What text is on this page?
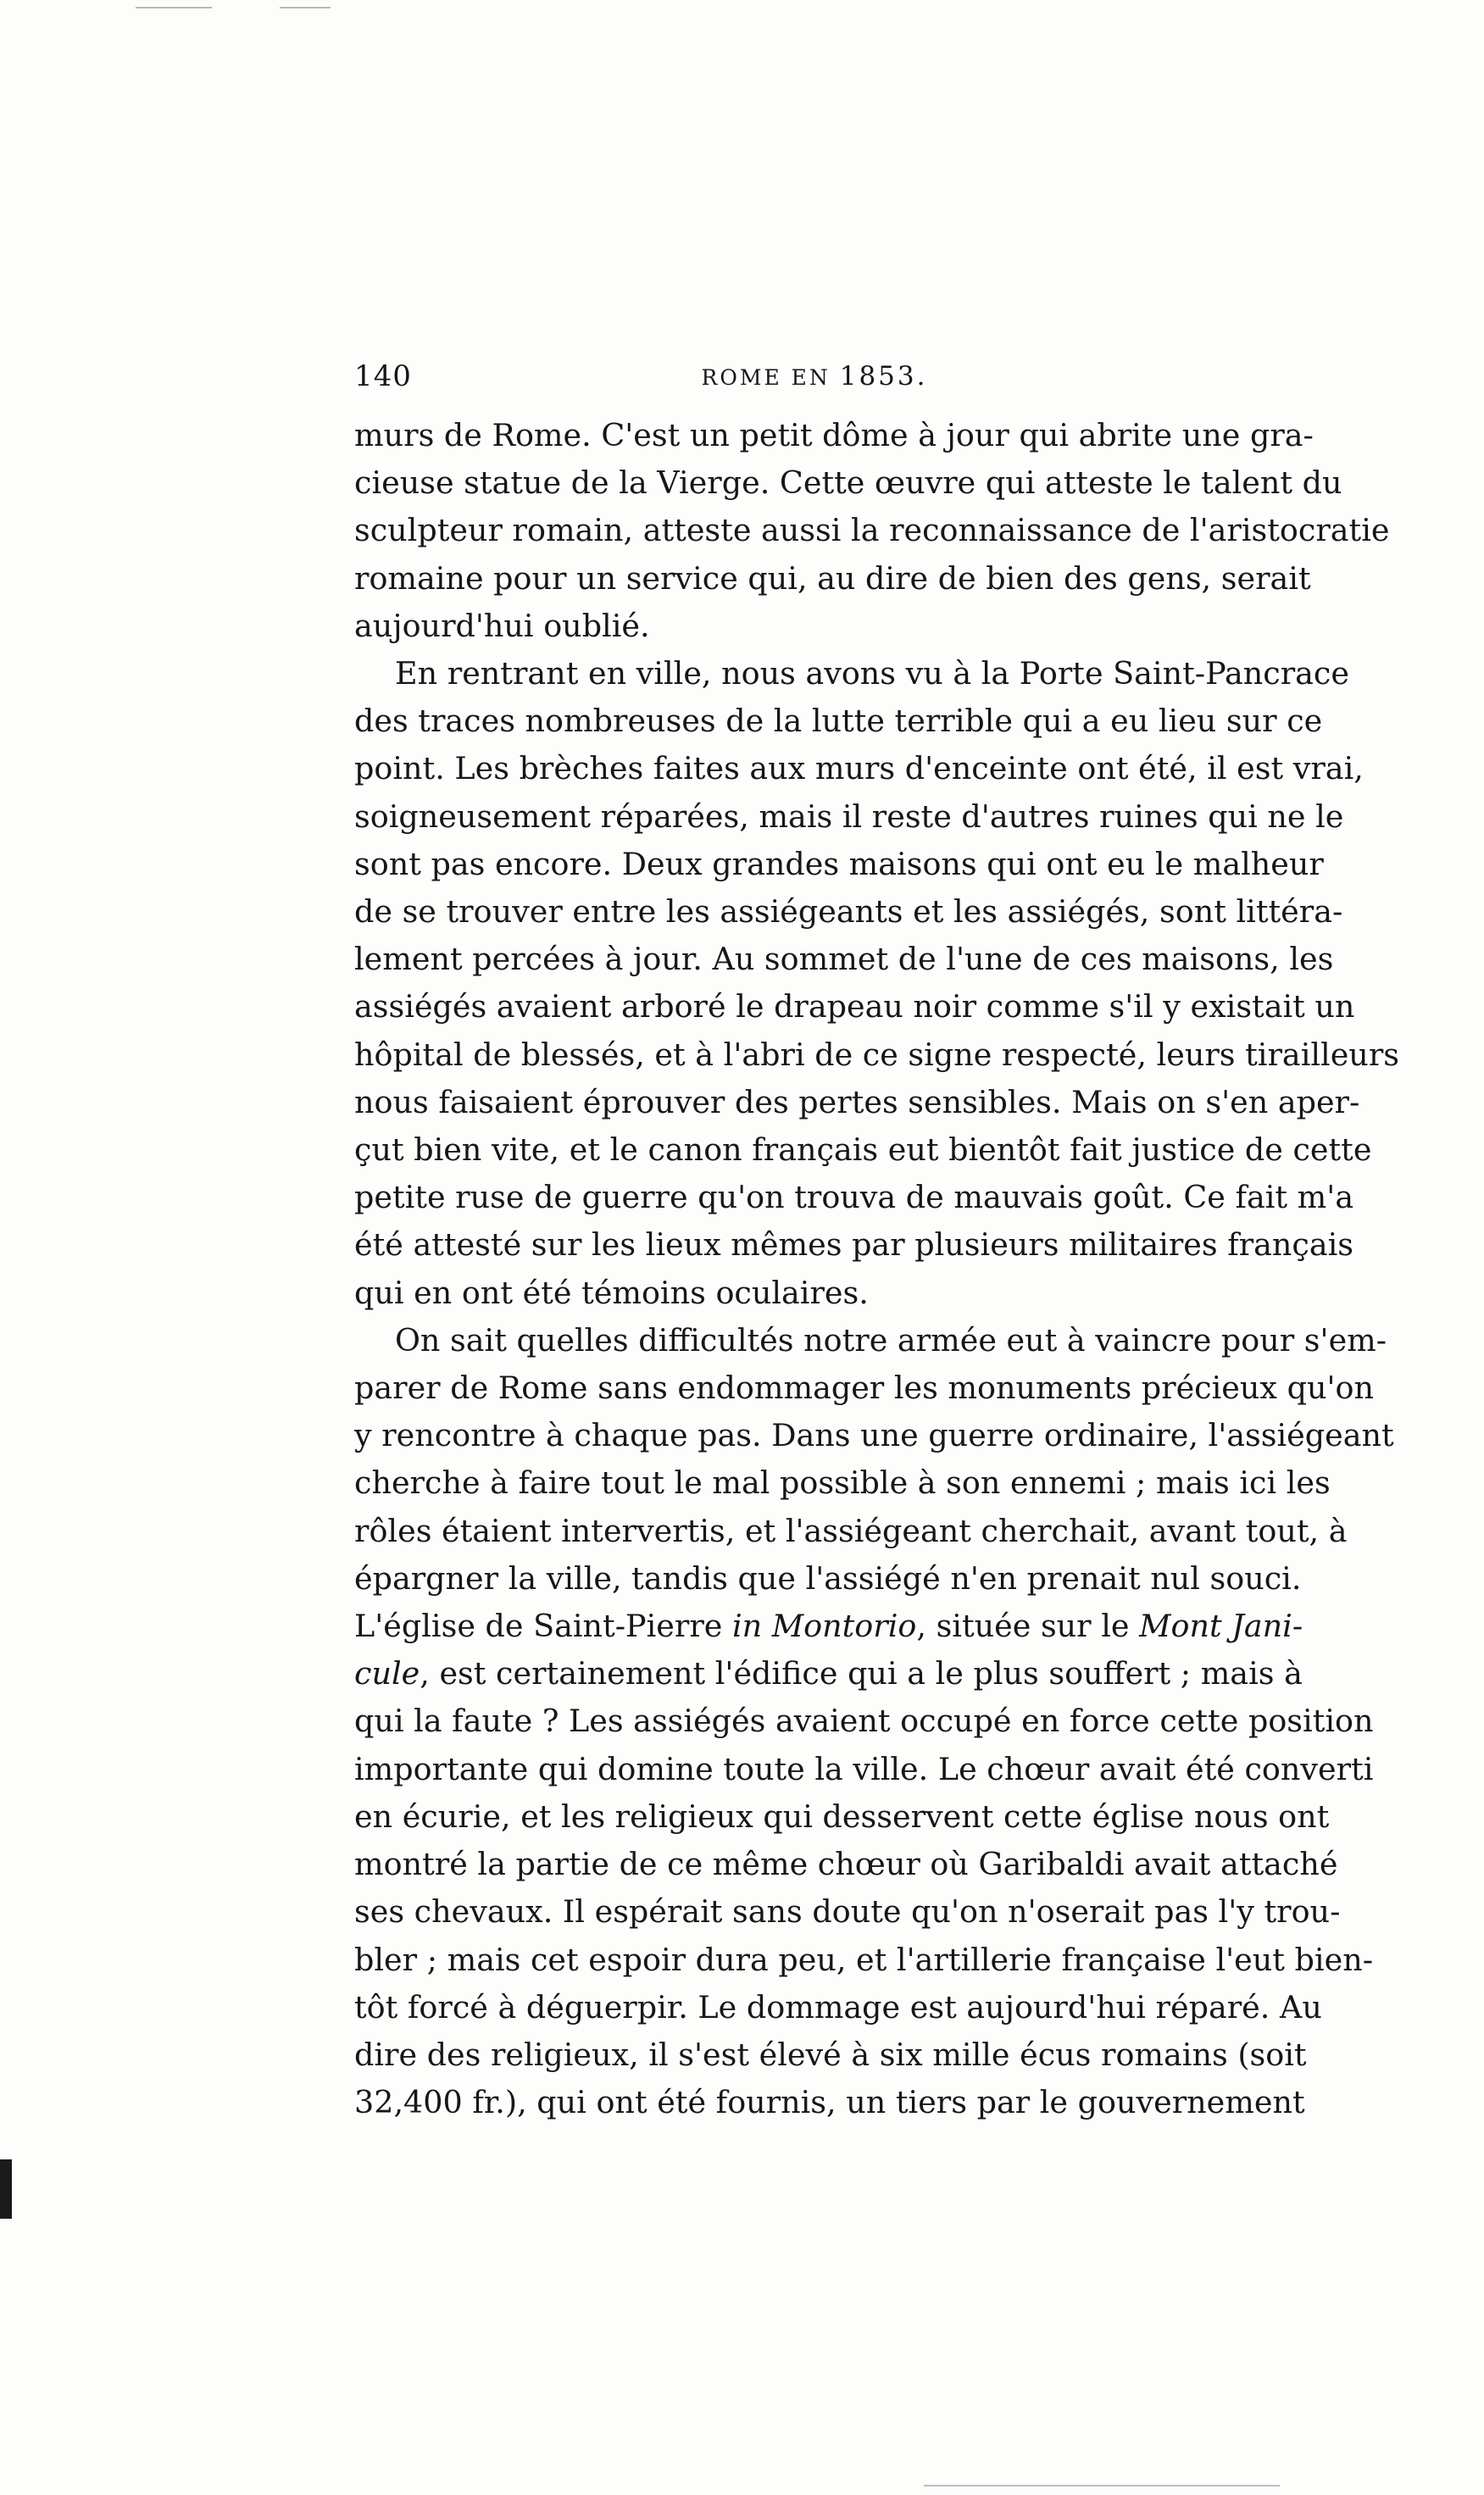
140	ROME EN 1853.

murs de Rome. C'est un petit dôme à jour qui abrite une gra-
cieuse statue de la Vierge. Cette œuvre qui atteste le talent du
sculpteur romain, atteste aussi la reconnaissance de l'aristocratie
romaine pour un service qui, au dire de bien des gens, serait
aujourd'hui oublié.

En rentrant en ville, nous avons vu à la Porte Saint-Pancrace
des traces nombreuses de la lutte terrible qui a eu lieu sur ce
point. Les brèches faites aux murs d'enceinte ont été, il est vrai,
soigneusement réparées, mais il reste d'autres ruines qui ne le
sont pas encore. Deux grandes maisons qui ont eu le malheur
de se trouver entre les assiégeants et les assiégés, sont littéra-
lement percées à jour. Au sommet de l'une de ces maisons, les
assiégés avaient arboré le drapeau noir comme s'il y existait un
hôpital de blessés, et à l'abri de ce signe respecté, leurs tirailleurs
nous faisaient éprouver des pertes sensibles. Mais on s'en aper-
çut bien vite, et le canon français eut bientôt fait justice de cette
petite ruse de guerre qu'on trouva de mauvais goût. Ce fait m'a
été attesté sur les lieux mêmes par plusieurs militaires français
qui en ont été témoins oculaires.

On sait quelles difficultés notre armée eut à vaincre pour s'em-
parer de Rome sans endommager les monuments précieux qu'on
y rencontre à chaque pas. Dans une guerre ordinaire, l'assiégeant
cherche à faire tout le mal possible à son ennemi ; mais ici les
rôles étaient intervertis, et l'assiégeant cherchait, avant tout, à
épargner la ville, tandis que l'assiégé n'en prenait nul souci.
L'église de Saint-Pierre in Montorio, située sur le Mont Jani-
cule, est certainement l'édifice qui a le plus souffert ; mais à
qui la faute ? Les assiégés avaient occupé en force cette position
importante qui domine toute la ville. Le chœur avait été converti
en écurie, et les religieux qui desservent cette église nous ont
montré la partie de ce même chœur où Garibaldi avait attaché
ses chevaux. Il espérait sans doute qu'on n'oserait pas l'y trou-
bler ; mais cet espoir dura peu, et l'artillerie française l'eut bien-
tôt forcé à déguerpir. Le dommage est aujourd'hui réparé. Au
dire des religieux, il s'est élevé à six mille écus romains (soit
32,400 fr.), qui ont été fournis, un tiers par le gouvernement
